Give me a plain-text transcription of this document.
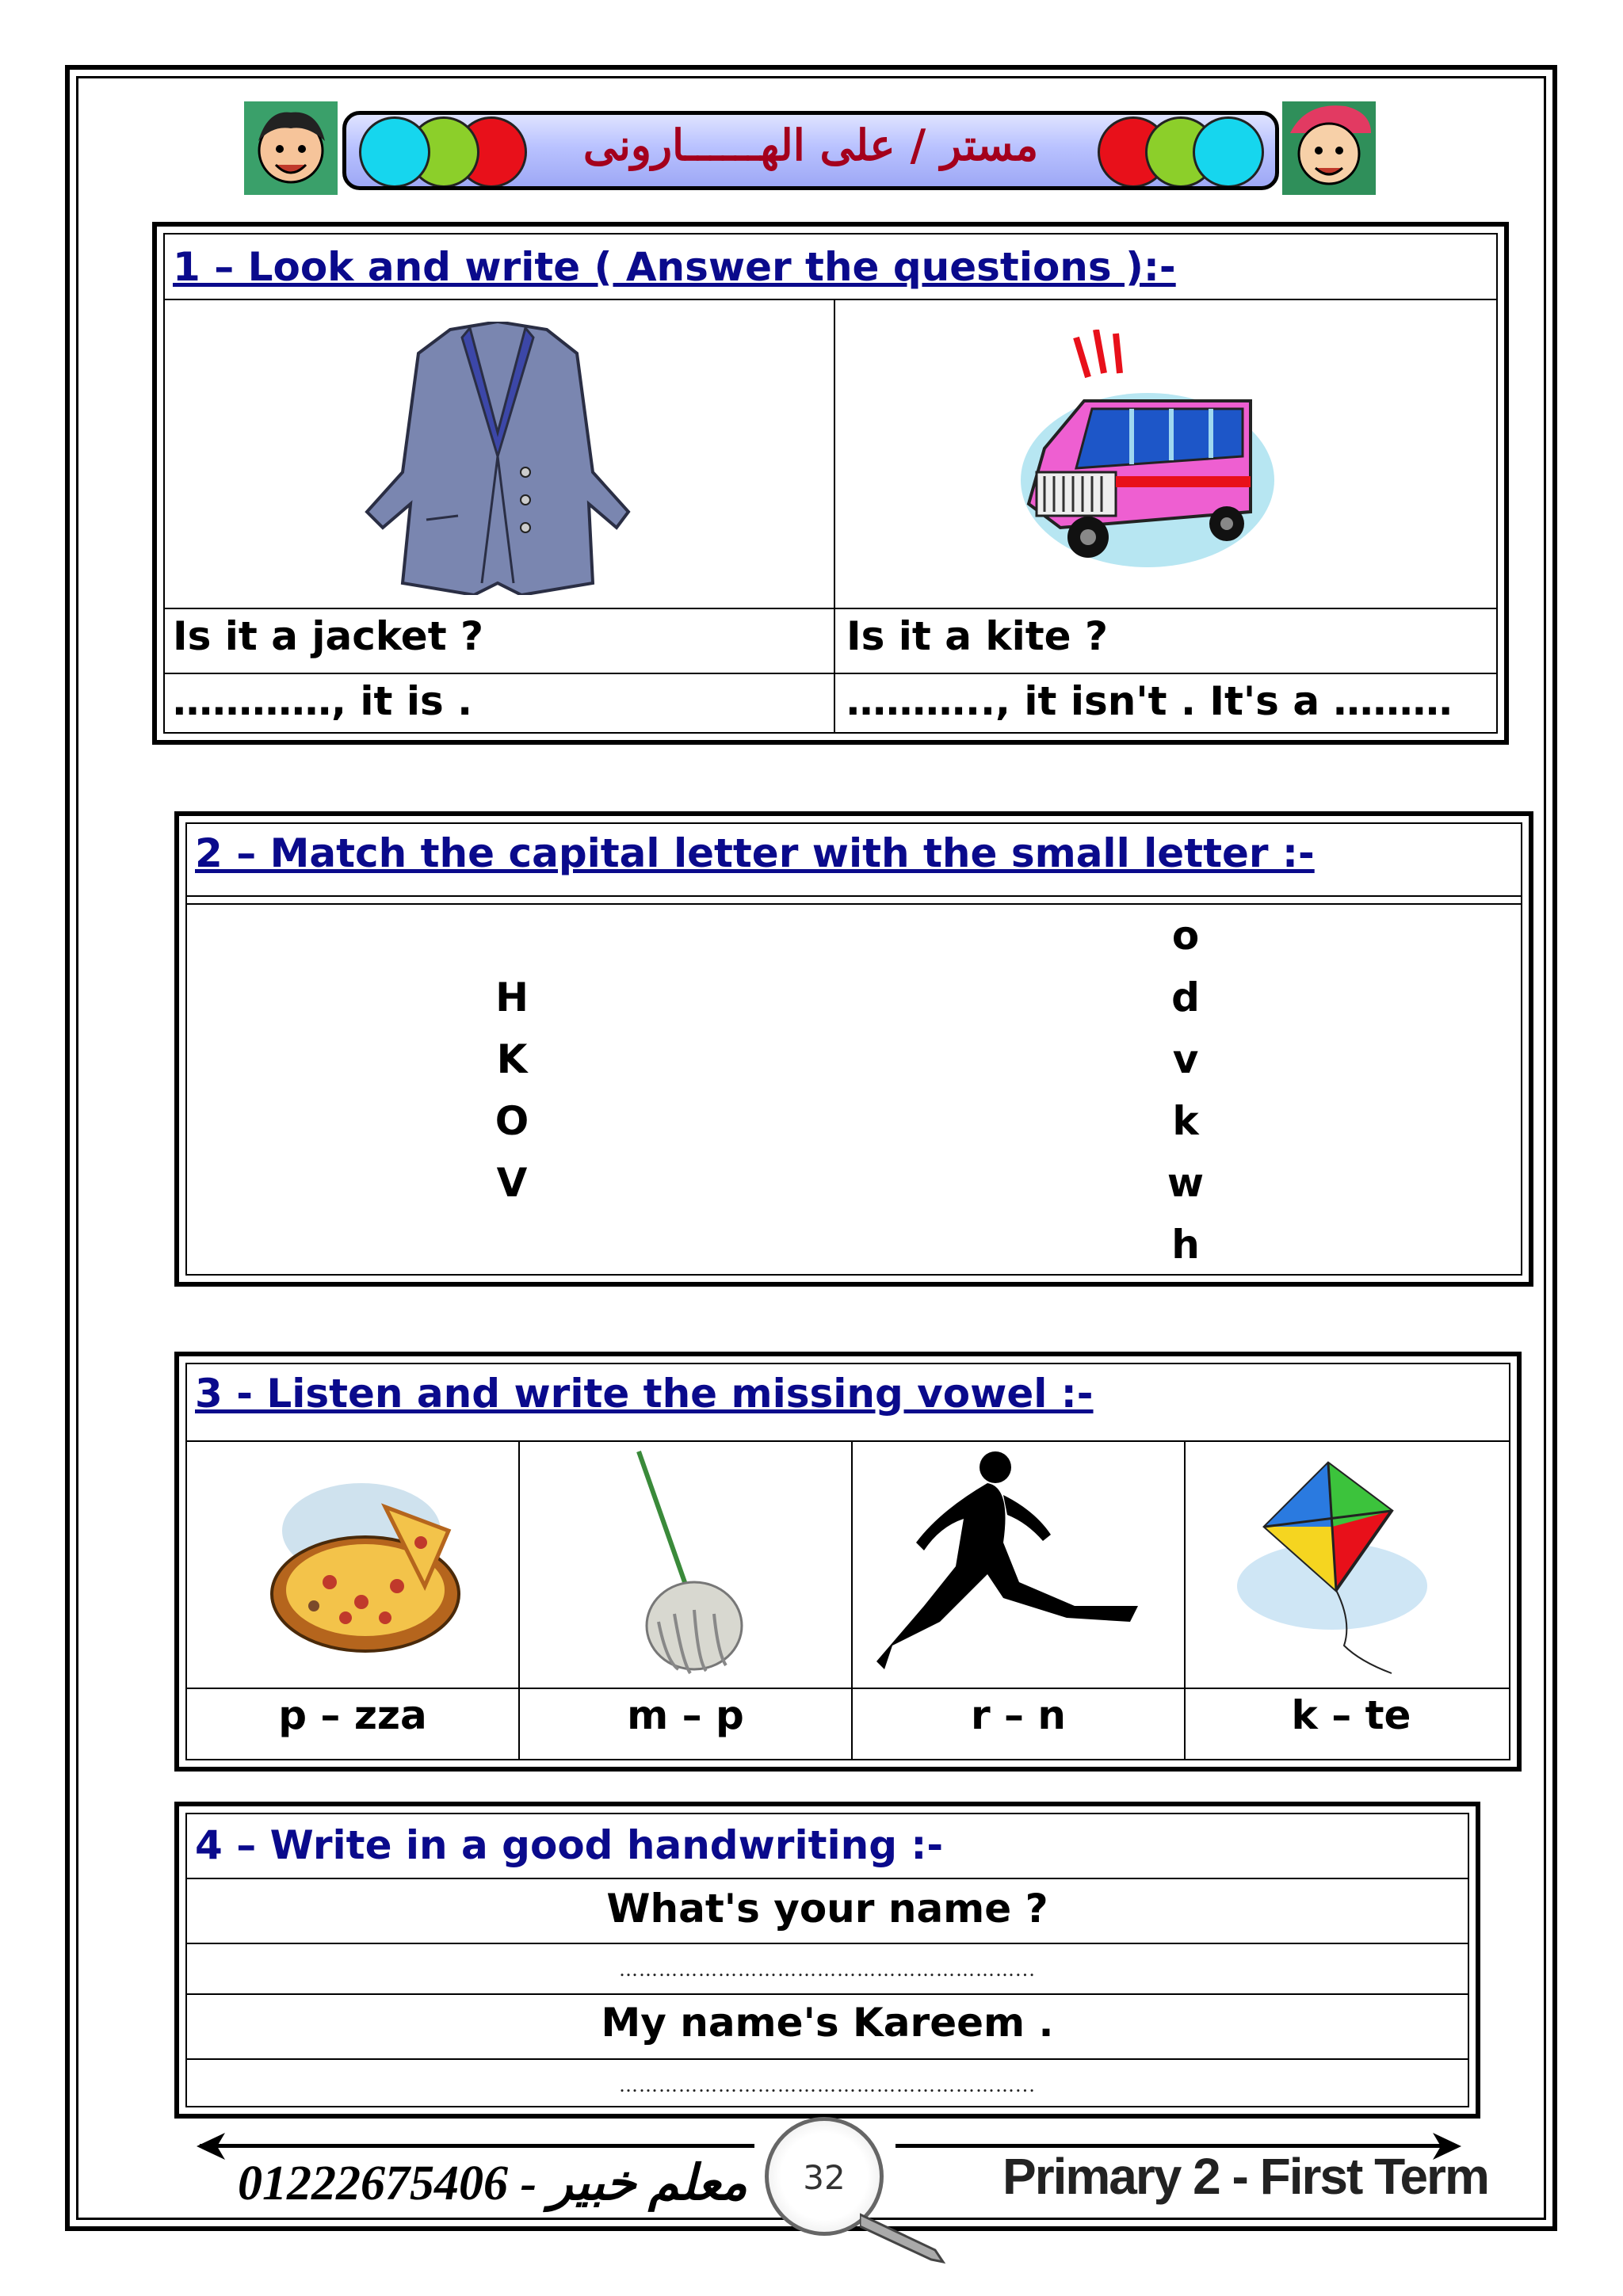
مستر / على الهــــــارونى
1 – Look and write ( Answer the questions ):-
Is it a jacket ?	Is it a kite ?
…………, it is .	……….., it isn't . It's a ………
2 – Match the capital letter with the small letter :-
H
K
O
V
o
d
v
k
w
h
3 - Listen and write the missing vowel :-
p – zza	m – p	r – n	k – te
4 – Write in a good handwriting :-
What's your name ?
……………………………………………………...
My name's Kareem .
……………………………………………………...
01222675406 - معلم خبير	32	Primary 2 - First Term
